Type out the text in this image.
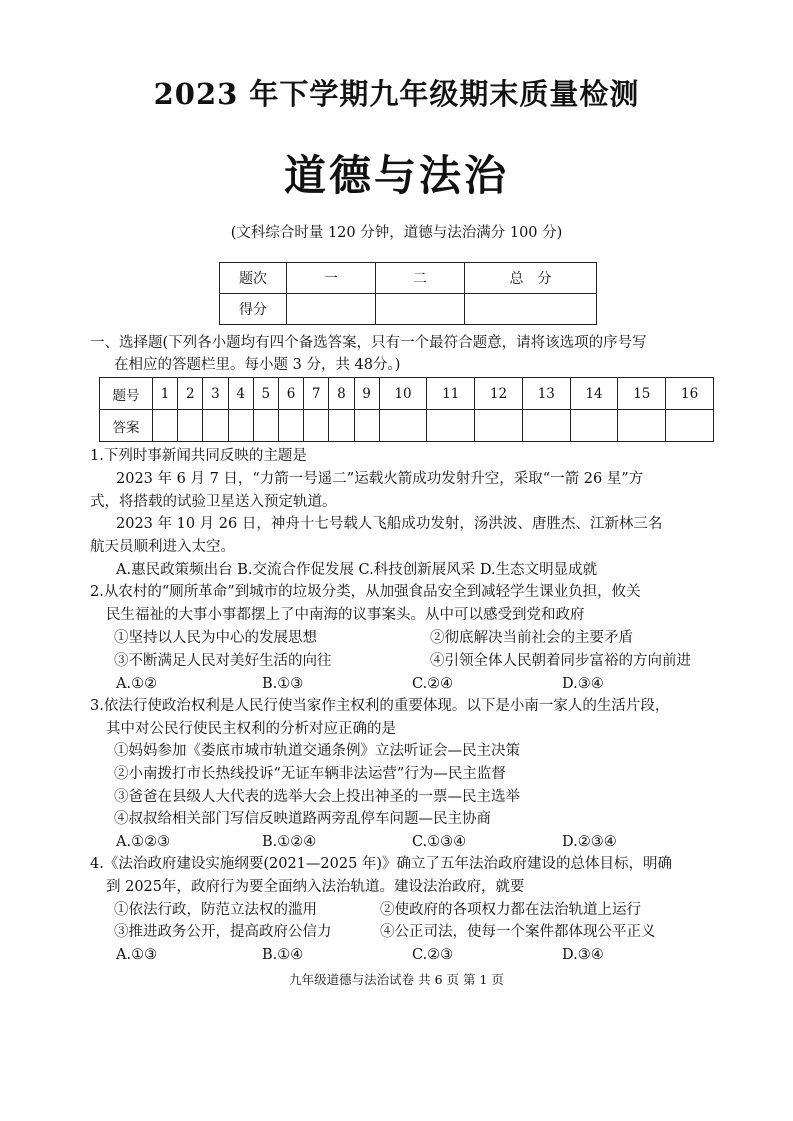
2023 年下学期九年级期末质量检测
道德与法治
(文科综合时量 120 分钟，道德与法治满分 100 分)
题次	一	二	总　分
得分			
一、选择题(下列各小题均有四个备选答案，只有一个最符合题意，请将该选项的序号写
在相应的答题栏里。每小题 3 分，共 48分。)
题号	1	2	3	4	5	6	7	8	9	10	11	12	13	14	15	16
答案																
1.下列时事新闻共同反映的主题是
2023 年 6 月 7 日，“力箭一号遥二”运载火箭成功发射升空，采取“一箭 26 星”方
式，将搭载的试验卫星送入预定轨道。
2023 年 10 月 26 日，神舟十七号载人飞船成功发射，汤洪波、唐胜杰、江新林三名
航天员顺利进入太空。
A.惠民政策频出台 B.交流合作促发展 C.科技创新展风采 D.生态文明显成就
2.从农村的“厕所革命”到城市的垃圾分类，从加强食品安全到减轻学生课业负担，攸关
民生福祉的大事小事都摆上了中南海的议事案头。从中可以感受到党和政府
①坚持以人民为中心的发展思想	②彻底解决当前社会的主要矛盾
③不断满足人民对美好生活的向往	④引领全体人民朝着同步富裕的方向前进
A.①②	B.①③	C.②④	D.③④
3.依法行使政治权利是人民行使当家作主权利的重要体现。以下是小南一家人的生活片段，
其中对公民行使民主权利的分析对应正确的是
①妈妈参加《娄底市城市轨道交通条例》立法听证会—民主决策
②小南拨打市长热线投诉“无证车辆非法运营”行为—民主监督
③爸爸在县级人大代表的选举大会上投出神圣的一票—民主选举
④叔叔给相关部门写信反映道路两旁乱停车问题—民主协商
A.①②③	B.①②④	C.①③④	D.②③④
4.《法治政府建设实施纲要(2021—2025 年)》确立了五年法治政府建设的总体目标，明确
到 2025年，政府行为要全面纳入法治轨道。建设法治政府，就要
①依法行政，防范立法权的滥用	②使政府的各项权力都在法治轨道上运行
③推进政务公开，提高政府公信力	④公正司法，使每一个案件都体现公平正义
A.①③	B.①④	C.②③	D.③④
九年级道德与法治试卷 共 6 页 第 1 页
